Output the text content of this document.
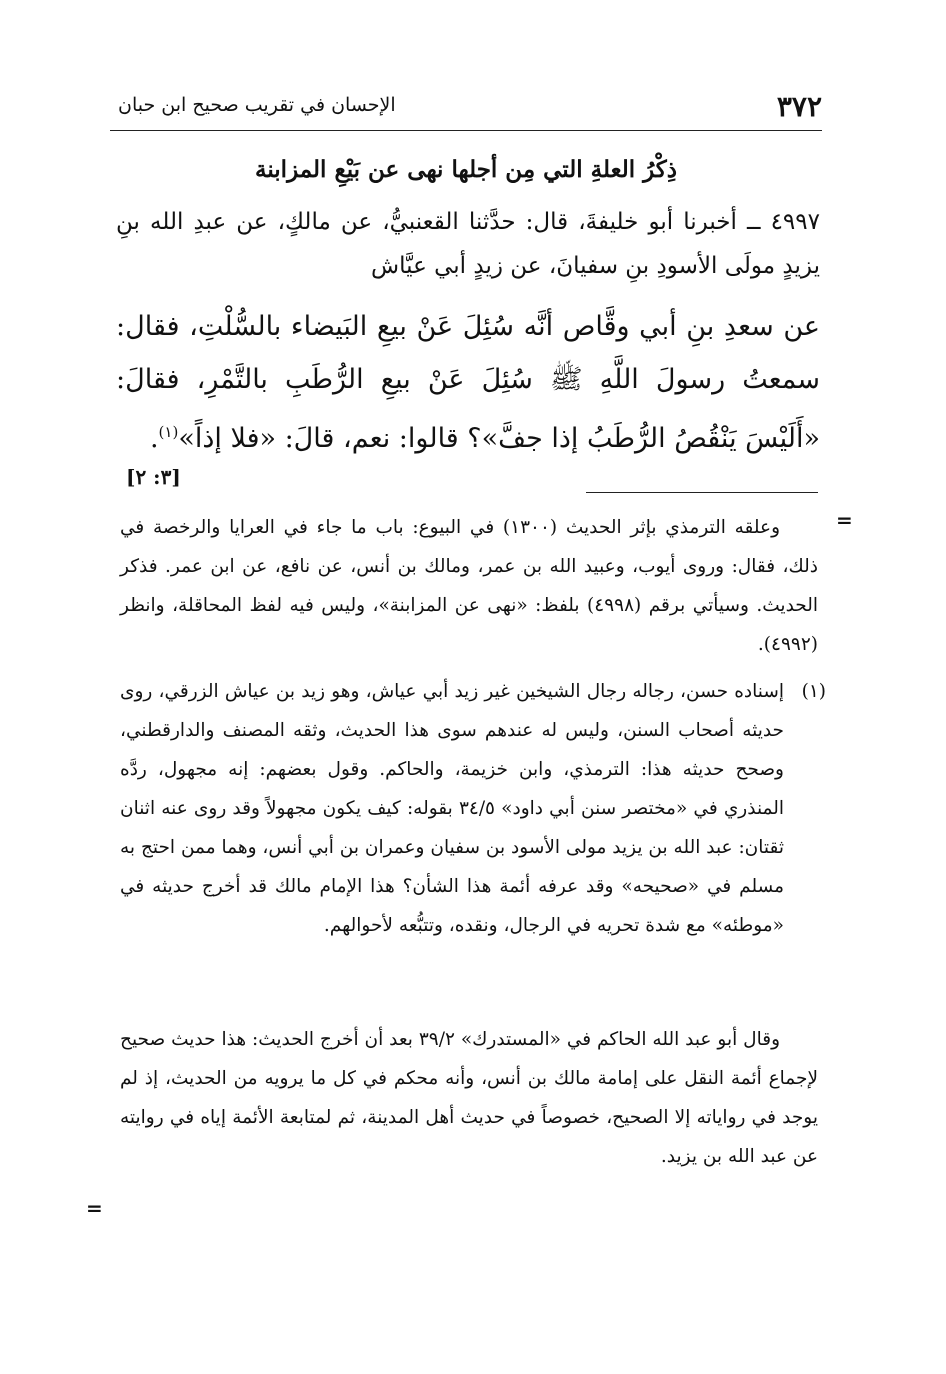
٣٧٢
الإحسان في تقريب صحيح ابن حبان
ذِكْرُ العلةِ التي مِن أجلها نهى عن بَيْعِ المزابنة
٤٩٩٧ ــ أخبرنا أبو خليفةَ، قال: حدَّثنا القعنبيُّ، عن مالكٍ، عن عبدِ الله بنِ يزيدٍ مولَى الأسودِ بنِ سفيانَ، عن زيدٍ أبي عيَّاش
عن سعدِ بنِ أبي وقَّاص أنَّه سُئِلَ عَنْ بيعِ البَيضاء بالسُّلْتِ، فقال: سمعتُ رسولَ اللَّهِ ﷺ سُئِلَ عَنْ بيعِ الرُّطَبِ بالتَّمْرِ، فقالَ: «أَلَيْسَ يَنْقُصُ الرُّطَبُ إذا جفَّ»؟ قالوا: نعم، قالَ: «فلا إذاً»$^{(١)}$.
[٣: ٢]
=
وعلقه الترمذي بإثر الحديث (١٣٠٠) في البيوع: باب ما جاء في العرايا والرخصة في ذلك، فقال: وروى أيوب، وعبيد الله بن عمر، ومالك بن أنس، عن نافع، عن ابن عمر. فذكر الحديث. وسيأتي برقم (٤٩٩٨) بلفظ: «نهى عن المزابنة»، وليس فيه لفظ المحاقلة، وانظر (٤٩٩٢).
(١)
إسناده حسن، رجاله رجال الشيخين غير زيد أبي عياش، وهو زيد بن عياش الزرقي، روى حديثه أصحاب السنن، وليس له عندهم سوى هذا الحديث، وثقه المصنف والدارقطني، وصحح حديثه هذا: الترمذي، وابن خزيمة، والحاكم. وقول بعضهم: إنه مجهول، ردَّه المنذري في «مختصر سنن أبي داود» ٣٤/٥ بقوله: كيف يكون مجهولاً وقد روى عنه اثنان ثقتان: عبد الله بن يزيد مولى الأسود بن سفيان وعمران بن أبي أنس، وهما ممن احتج به مسلم في «صحيحه» وقد عرفه أئمة هذا الشأن؟ هذا الإمام مالك قد أخرج حديثه في «موطئه» مع شدة تحريه في الرجال، ونقده، وتتبُّعه لأحوالهم.
وقال أبو عبد الله الحاكم في «المستدرك» ٣٩/٢ بعد أن أخرج الحديث: هذا حديث صحيح لإجماع أئمة النقل على إمامة مالك بن أنس، وأنه محكم في كل ما يرويه من الحديث، إذ لم يوجد في رواياته إلا الصحيح، خصوصاً في حديث أهل المدينة، ثم لمتابعة الأئمة إياه في روايته عن عبد الله بن يزيد.
=
